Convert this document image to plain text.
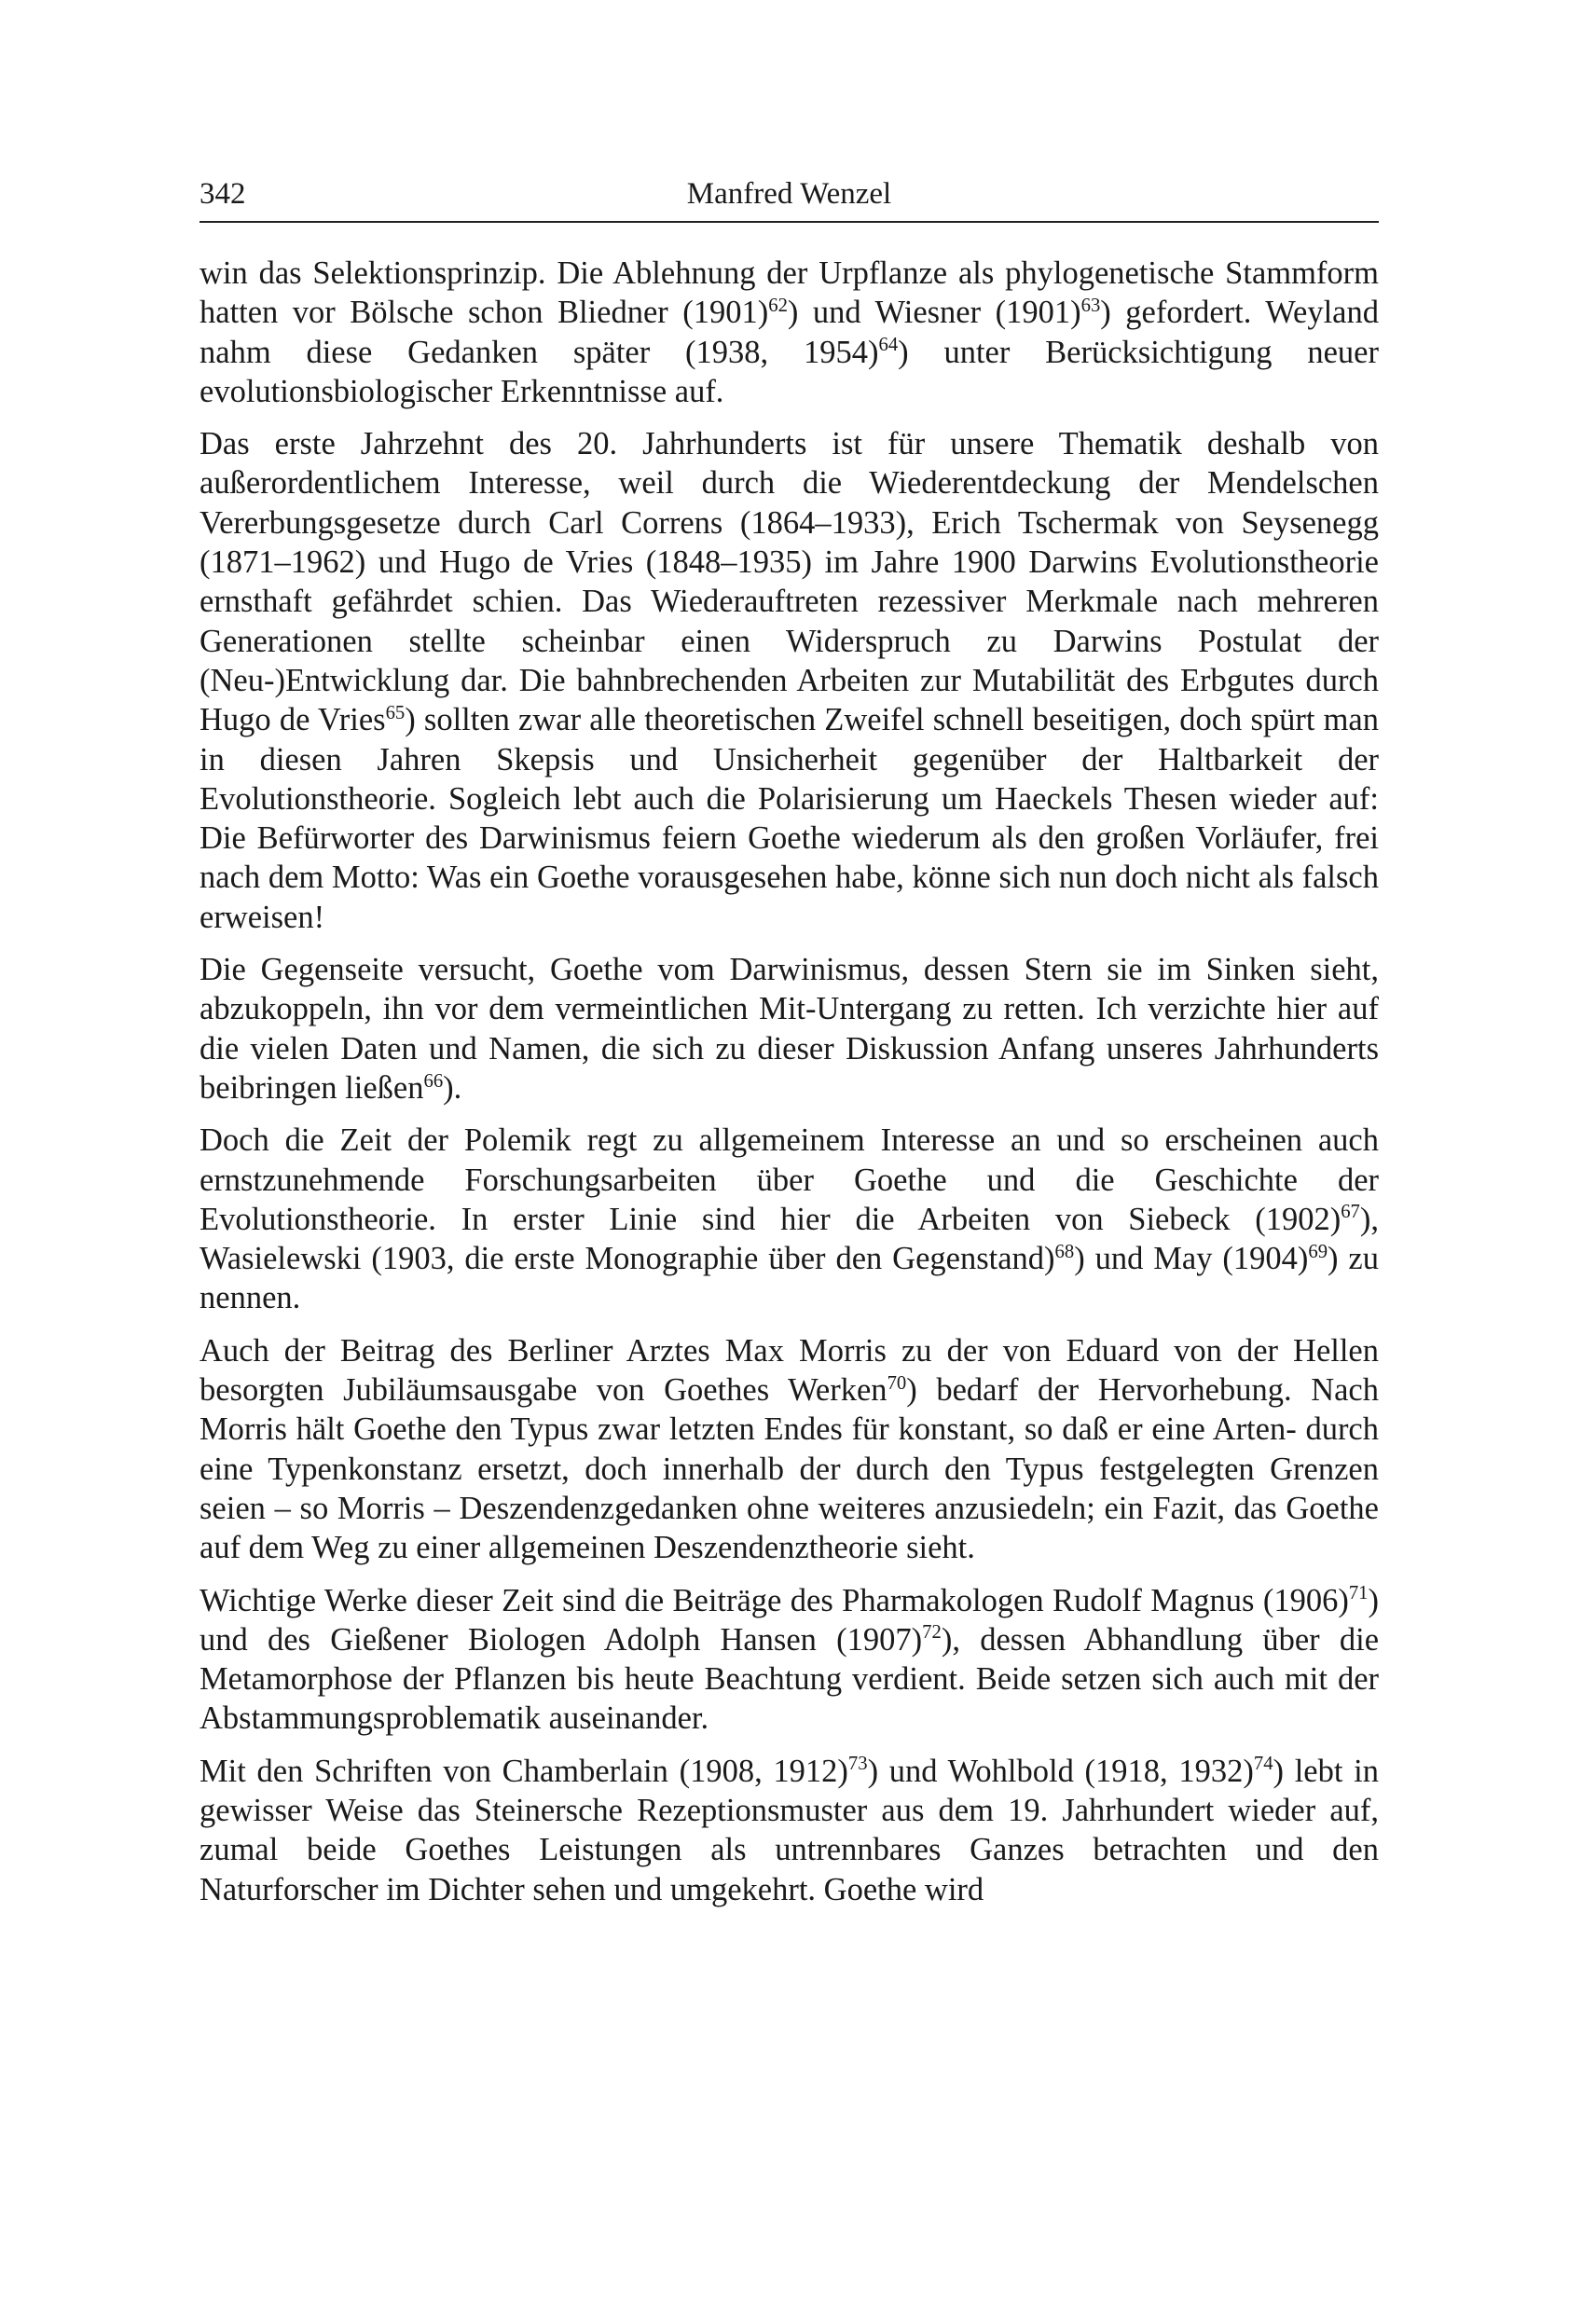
342	Manfred Wenzel

win das Selektionsprinzip. Die Ablehnung der Urpflanze als phylogenetische Stammform hatten vor Bölsche schon Bliedner $(1901)^{62}$) und Wiesner $(1901)^{63}$) gefordert. Weyland nahm diese Gedanken später (1938, 1954)$^{64}$) unter Berücksichtigung neuer evolutionsbiologischer Erkenntnisse auf.

Das erste Jahrzehnt des 20. Jahrhunderts ist für unsere Thematik deshalb von außerordentlichem Interesse, weil durch die Wiederentdeckung der Mendelschen Vererbungsgesetze durch Carl Correns (1864–1933), Erich Tschermak von Seysenegg (1871–1962) und Hugo de Vries (1848–1935) im Jahre 1900 Darwins Evolutionstheorie ernsthaft gefährdet schien. Das Wiederauftreten rezessiver Merkmale nach mehreren Generationen stellte scheinbar einen Widerspruch zu Darwins Postulat der (Neu-)Entwicklung dar. Die bahnbrechenden Arbeiten zur Mutabilität des Erbgutes durch Hugo de Vries$^{65}$) sollten zwar alle theoretischen Zweifel schnell beseitigen, doch spürt man in diesen Jahren Skepsis und Unsicherheit gegenüber der Haltbarkeit der Evolutionstheorie. Sogleich lebt auch die Polarisierung um Haeckels Thesen wieder auf: Die Befürworter des Darwinismus feiern Goethe wiederum als den großen Vorläufer, frei nach dem Motto: Was ein Goethe vorausgesehen habe, könne sich nun doch nicht als falsch erweisen!

Die Gegenseite versucht, Goethe vom Darwinismus, dessen Stern sie im Sinken sieht, abzukoppeln, ihn vor dem vermeintlichen Mit-Untergang zu retten. Ich verzichte hier auf die vielen Daten und Namen, die sich zu dieser Diskussion Anfang unseres Jahrhunderts beibringen ließen$^{66}$).

Doch die Zeit der Polemik regt zu allgemeinem Interesse an und so erscheinen auch ernstzunehmende Forschungsarbeiten über Goethe und die Geschichte der Evolutionstheorie. In erster Linie sind hier die Arbeiten von Siebeck $(1902)^{67}$), Wasielewski (1903, die erste Monographie über den Gegenstand)$^{68}$) und May $(1904)^{69}$) zu nennen.

Auch der Beitrag des Berliner Arztes Max Morris zu der von Eduard von der Hellen besorgten Jubiläumsausgabe von Goethes Werken$^{70}$) bedarf der Hervorhebung. Nach Morris hält Goethe den Typus zwar letzten Endes für konstant, so daß er eine Arten- durch eine Typenkonstanz ersetzt, doch innerhalb der durch den Typus festgelegten Grenzen seien – so Morris – Deszendenzgedanken ohne weiteres anzusiedeln; ein Fazit, das Goethe auf dem Weg zu einer allgemeinen Deszendenztheorie sieht.

Wichtige Werke dieser Zeit sind die Beiträge des Pharmakologen Rudolf Magnus $(1906)^{71}$) und des Gießener Biologen Adolph Hansen $(1907)^{72}$), dessen Abhandlung über die Metamorphose der Pflanzen bis heute Beachtung verdient. Beide setzen sich auch mit der Abstammungsproblematik auseinander.

Mit den Schriften von Chamberlain (1908, 1912)$^{73}$) und Wohlbold (1918, 1932)$^{74}$) lebt in gewisser Weise das Steinersche Rezeptionsmuster aus dem 19. Jahrhundert wieder auf, zumal beide Goethes Leistungen als untrennbares Ganzes betrachten und den Naturforscher im Dichter sehen und umgekehrt. Goethe wird
